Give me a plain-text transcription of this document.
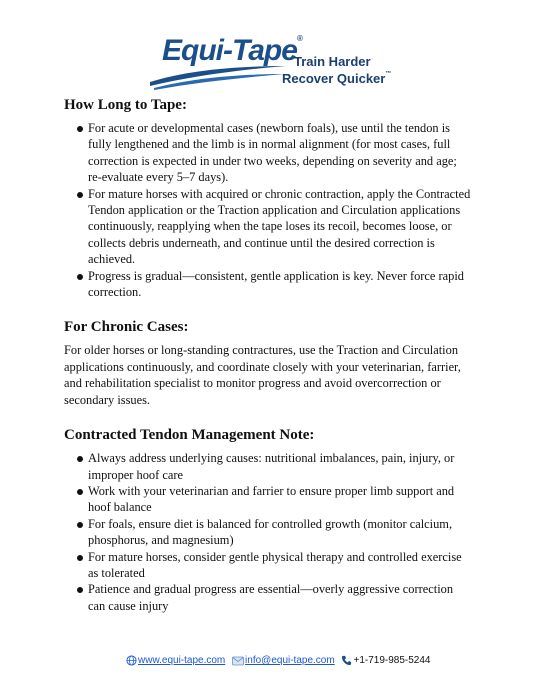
Equi-Tape®
Train Harder
Recover Quicker™
How Long to Tape:
For acute or developmental cases (newborn foals), use until the tendon is fully lengthened and the limb is in normal alignment (for most cases, full correction is expected in under two weeks, depending on severity and age; re-evaluate every 5–7 days).
For mature horses with acquired or chronic contraction, apply the Contracted Tendon application or the Traction application and Circulation applications continuously, reapplying when the tape loses its recoil, becomes loose, or collects debris underneath, and continue until the desired correction is achieved.
Progress is gradual—consistent, gentle application is key. Never force rapid correction.
For Chronic Cases:

For older horses or long-standing contractures, use the Traction and Circulation applications continuously, and coordinate closely with your veterinarian, farrier, and rehabilitation specialist to monitor progress and avoid overcorrection or secondary issues.

Contracted Tendon Management Note:
Always address underlying causes: nutritional imbalances, pain, injury, or improper hoof care
Work with your veterinarian and farrier to ensure proper limb support and hoof balance
For foals, ensure diet is balanced for controlled growth (monitor calcium, phosphorus, and magnesium)
For mature horses, consider gentle physical therapy and controlled exercise as tolerated
Patience and gradual progress are essential—overly aggressive correction can cause injury
www.equi-tape.com info@equi-tape.com +1-719-985-5244
